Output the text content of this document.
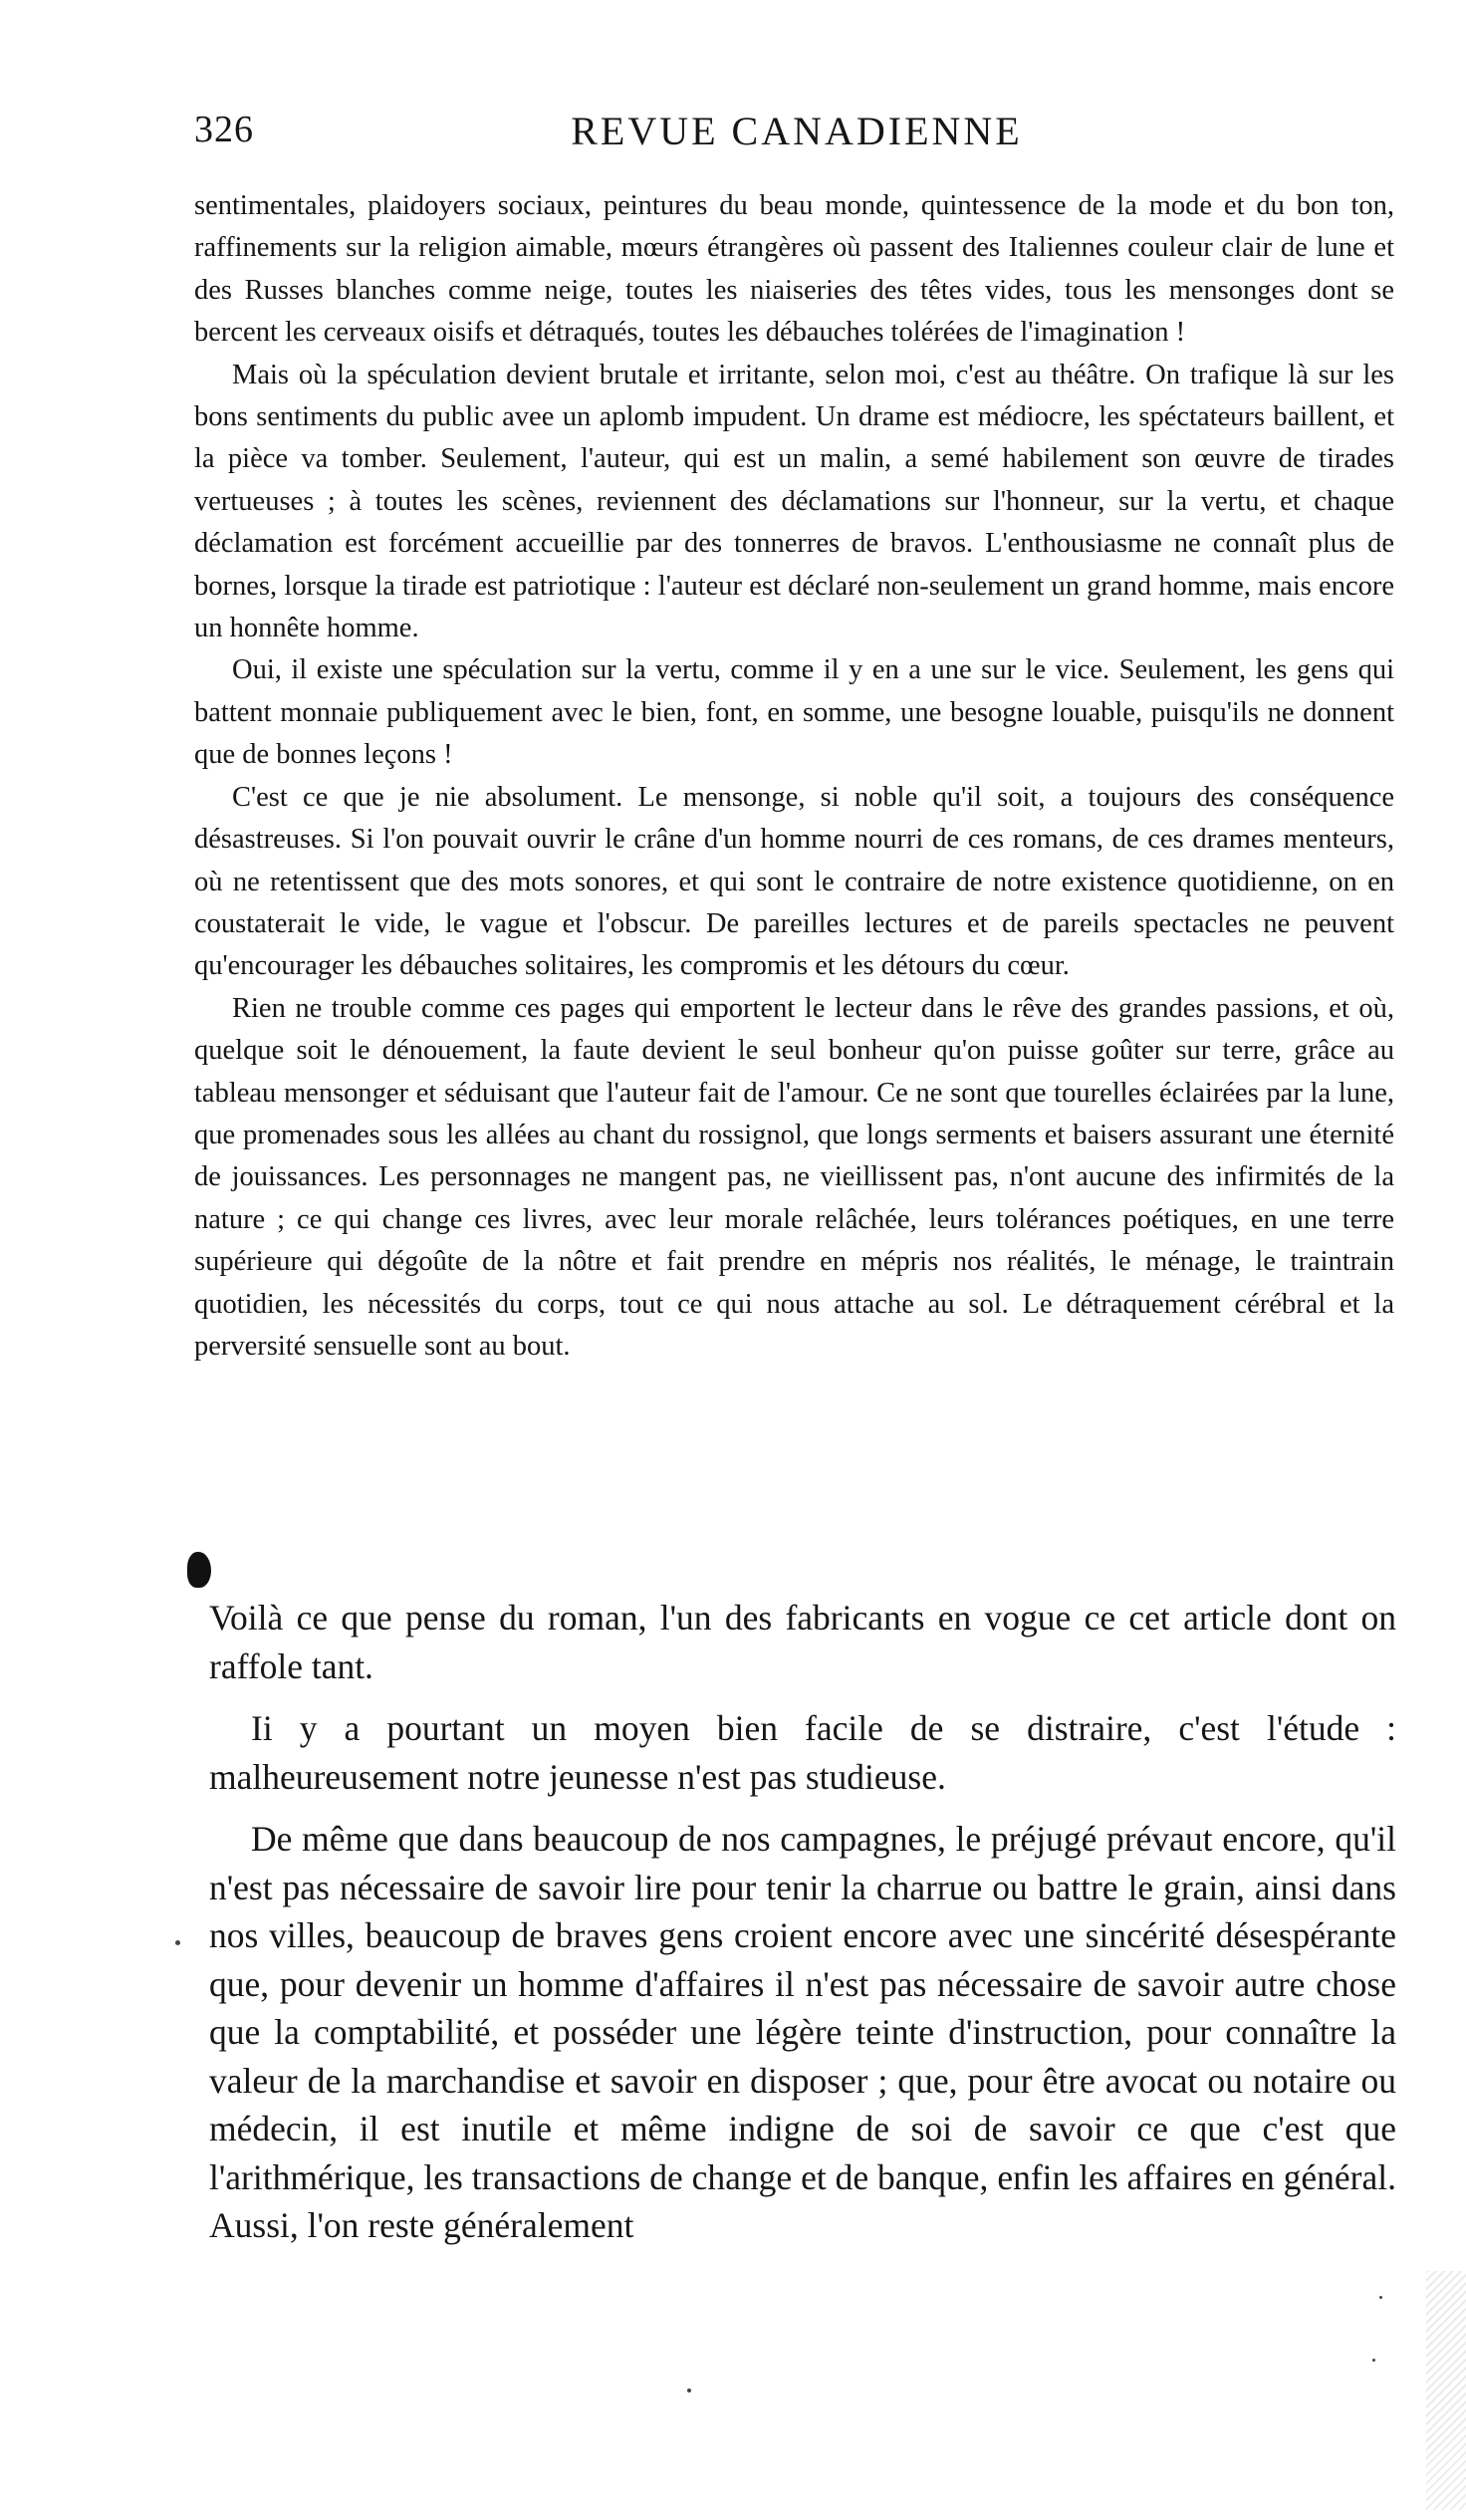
326	REVUE CANADIENNE

sentimentales, plaidoyers sociaux, peintures du beau monde, quintessence de la mode et du bon ton, raffinements sur la religion aimable, mœurs étrangères où passent des Italiennes couleur clair de lune et des Russes blanches comme neige, toutes les niaiseries des têtes vides, tous les mensonges dont se bercent les cerveaux oisifs et détraqués, toutes les débauches tolérées de l'imagination !

Mais où la spéculation devient brutale et irritante, selon moi, c'est au théâtre. On trafique là sur les bons sentiments du public avee un aplomb impudent. Un drame est médiocre, les spéctateurs baillent, et la pièce va tomber. Seulement, l'auteur, qui est un malin, a semé habilement son œuvre de tirades vertueuses ; à toutes les scènes, reviennent des déclamations sur l'honneur, sur la vertu, et chaque déclamation est forcément accueillie par des tonnerres de bravos. L'enthousiasme ne connaît plus de bornes, lorsque la tirade est patriotique : l'auteur est déclaré non-seulement un grand homme, mais encore un honnête homme.

Oui, il existe une spéculation sur la vertu, comme il y en a une sur le vice. Seulement, les gens qui battent monnaie publiquement avec le bien, font, en somme, une besogne louable, puisqu'ils ne donnent que de bonnes leçons !

C'est ce que je nie absolument. Le mensonge, si noble qu'il soit, a toujours des conséquence désastreuses. Si l'on pouvait ouvrir le crâne d'un homme nourri de ces romans, de ces drames menteurs, où ne retentissent que des mots sonores, et qui sont le contraire de notre existence quotidienne, on en coustaterait le vide, le vague et l'obscur. De pareilles lectures et de pareils spectacles ne peuvent qu'encourager les débauches solitaires, les compromis et les détours du cœur.

Rien ne trouble comme ces pages qui emportent le lecteur dans le rêve des grandes passions, et où, quelque soit le dénouement, la faute devient le seul bonheur qu'on puisse goûter sur terre, grâce au tableau mensonger et séduisant que l'auteur fait de l'amour. Ce ne sont que tourelles éclairées par la lune, que promenades sous les allées au chant du rossignol, que longs serments et baisers assurant une éternité de jouissances. Les personnages ne mangent pas, ne vieillissent pas, n'ont aucune des infirmités de la nature ; ce qui change ces livres, avec leur morale relâchée, leurs tolérances poétiques, en une terre supérieure qui dégoûte de la nôtre et fait prendre en mépris nos réalités, le ménage, le traintrain quotidien, les nécessités du corps, tout ce qui nous attache au sol. Le détraquement cérébral et la perversité sensuelle sont au bout.

Voilà ce que pense du roman, l'un des fabricants en vogue ce cet article dont on raffole tant.

Ii y a pourtant un moyen bien facile de se distraire, c'est l'étude : malheureusement notre jeunesse n'est pas studieuse.

De même que dans beaucoup de nos campagnes, le préjugé prévaut encore, qu'il n'est pas nécessaire de savoir lire pour tenir la charrue ou battre le grain, ainsi dans nos villes, beaucoup de braves gens croient encore avec une sincérité désespérante que, pour devenir un homme d'affaires il n'est pas nécessaire de savoir autre chose que la comptabilité, et posséder une légère teinte d'instruction, pour connaître la valeur de la marchandise et savoir en disposer ; que, pour être avocat ou notaire ou médecin, il est inutile et même indigne de soi de savoir ce que c'est que l'arithmérique, les transactions de change et de banque, enfin les affaires en général. Aussi, l'on reste généralement
